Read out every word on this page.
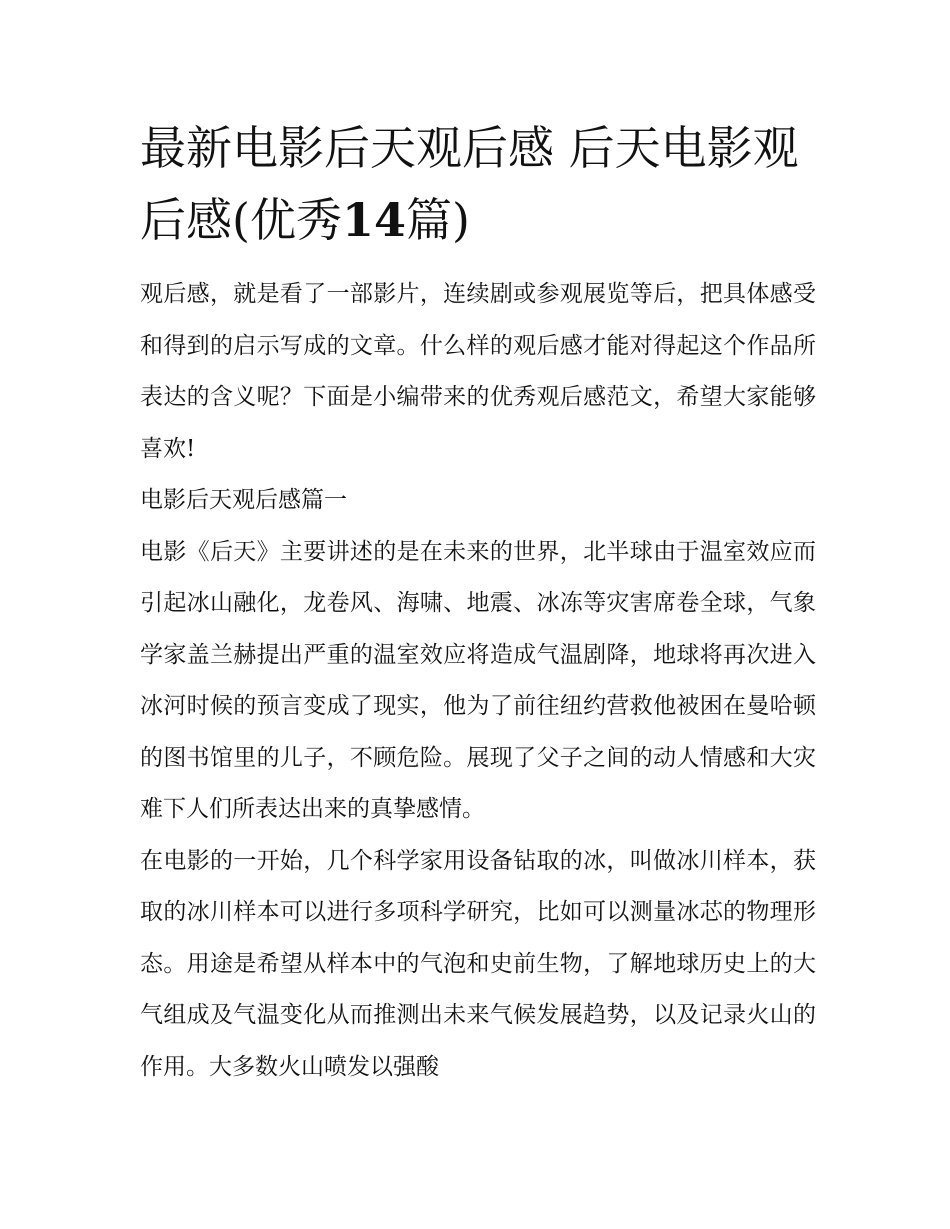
最新电影后天观后感 后天电影观后感(优秀14篇)

观后感，就是看了一部影片，连续剧或参观展览等后，把具体感受和得到的启示写成的文章。什么样的观后感才能对得起这个作品所表达的含义呢？下面是小编带来的优秀观后感范文，希望大家能够喜欢!

电影后天观后感篇一

电影《后天》主要讲述的是在未来的世界，北半球由于温室效应而引起冰山融化，龙卷风、海啸、地震、冰冻等灾害席卷全球，气象学家盖兰赫提出严重的温室效应将造成气温剧降，地球将再次进入冰河时候的预言变成了现实，他为了前往纽约营救他被困在曼哈顿的图书馆里的儿子，不顾危险。展现了父子之间的动人情感和大灾难下人们所表达出来的真挚感情。

在电影的一开始，几个科学家用设备钻取的冰，叫做冰川样本，获取的冰川样本可以进行多项科学研究，比如可以测量冰芯的物理形态。用途是希望从样本中的气泡和史前生物，了解地球历史上的大气组成及气温变化从而推测出未来气候发展趋势，以及记录火山的作用。大多数火山喷发以强酸
